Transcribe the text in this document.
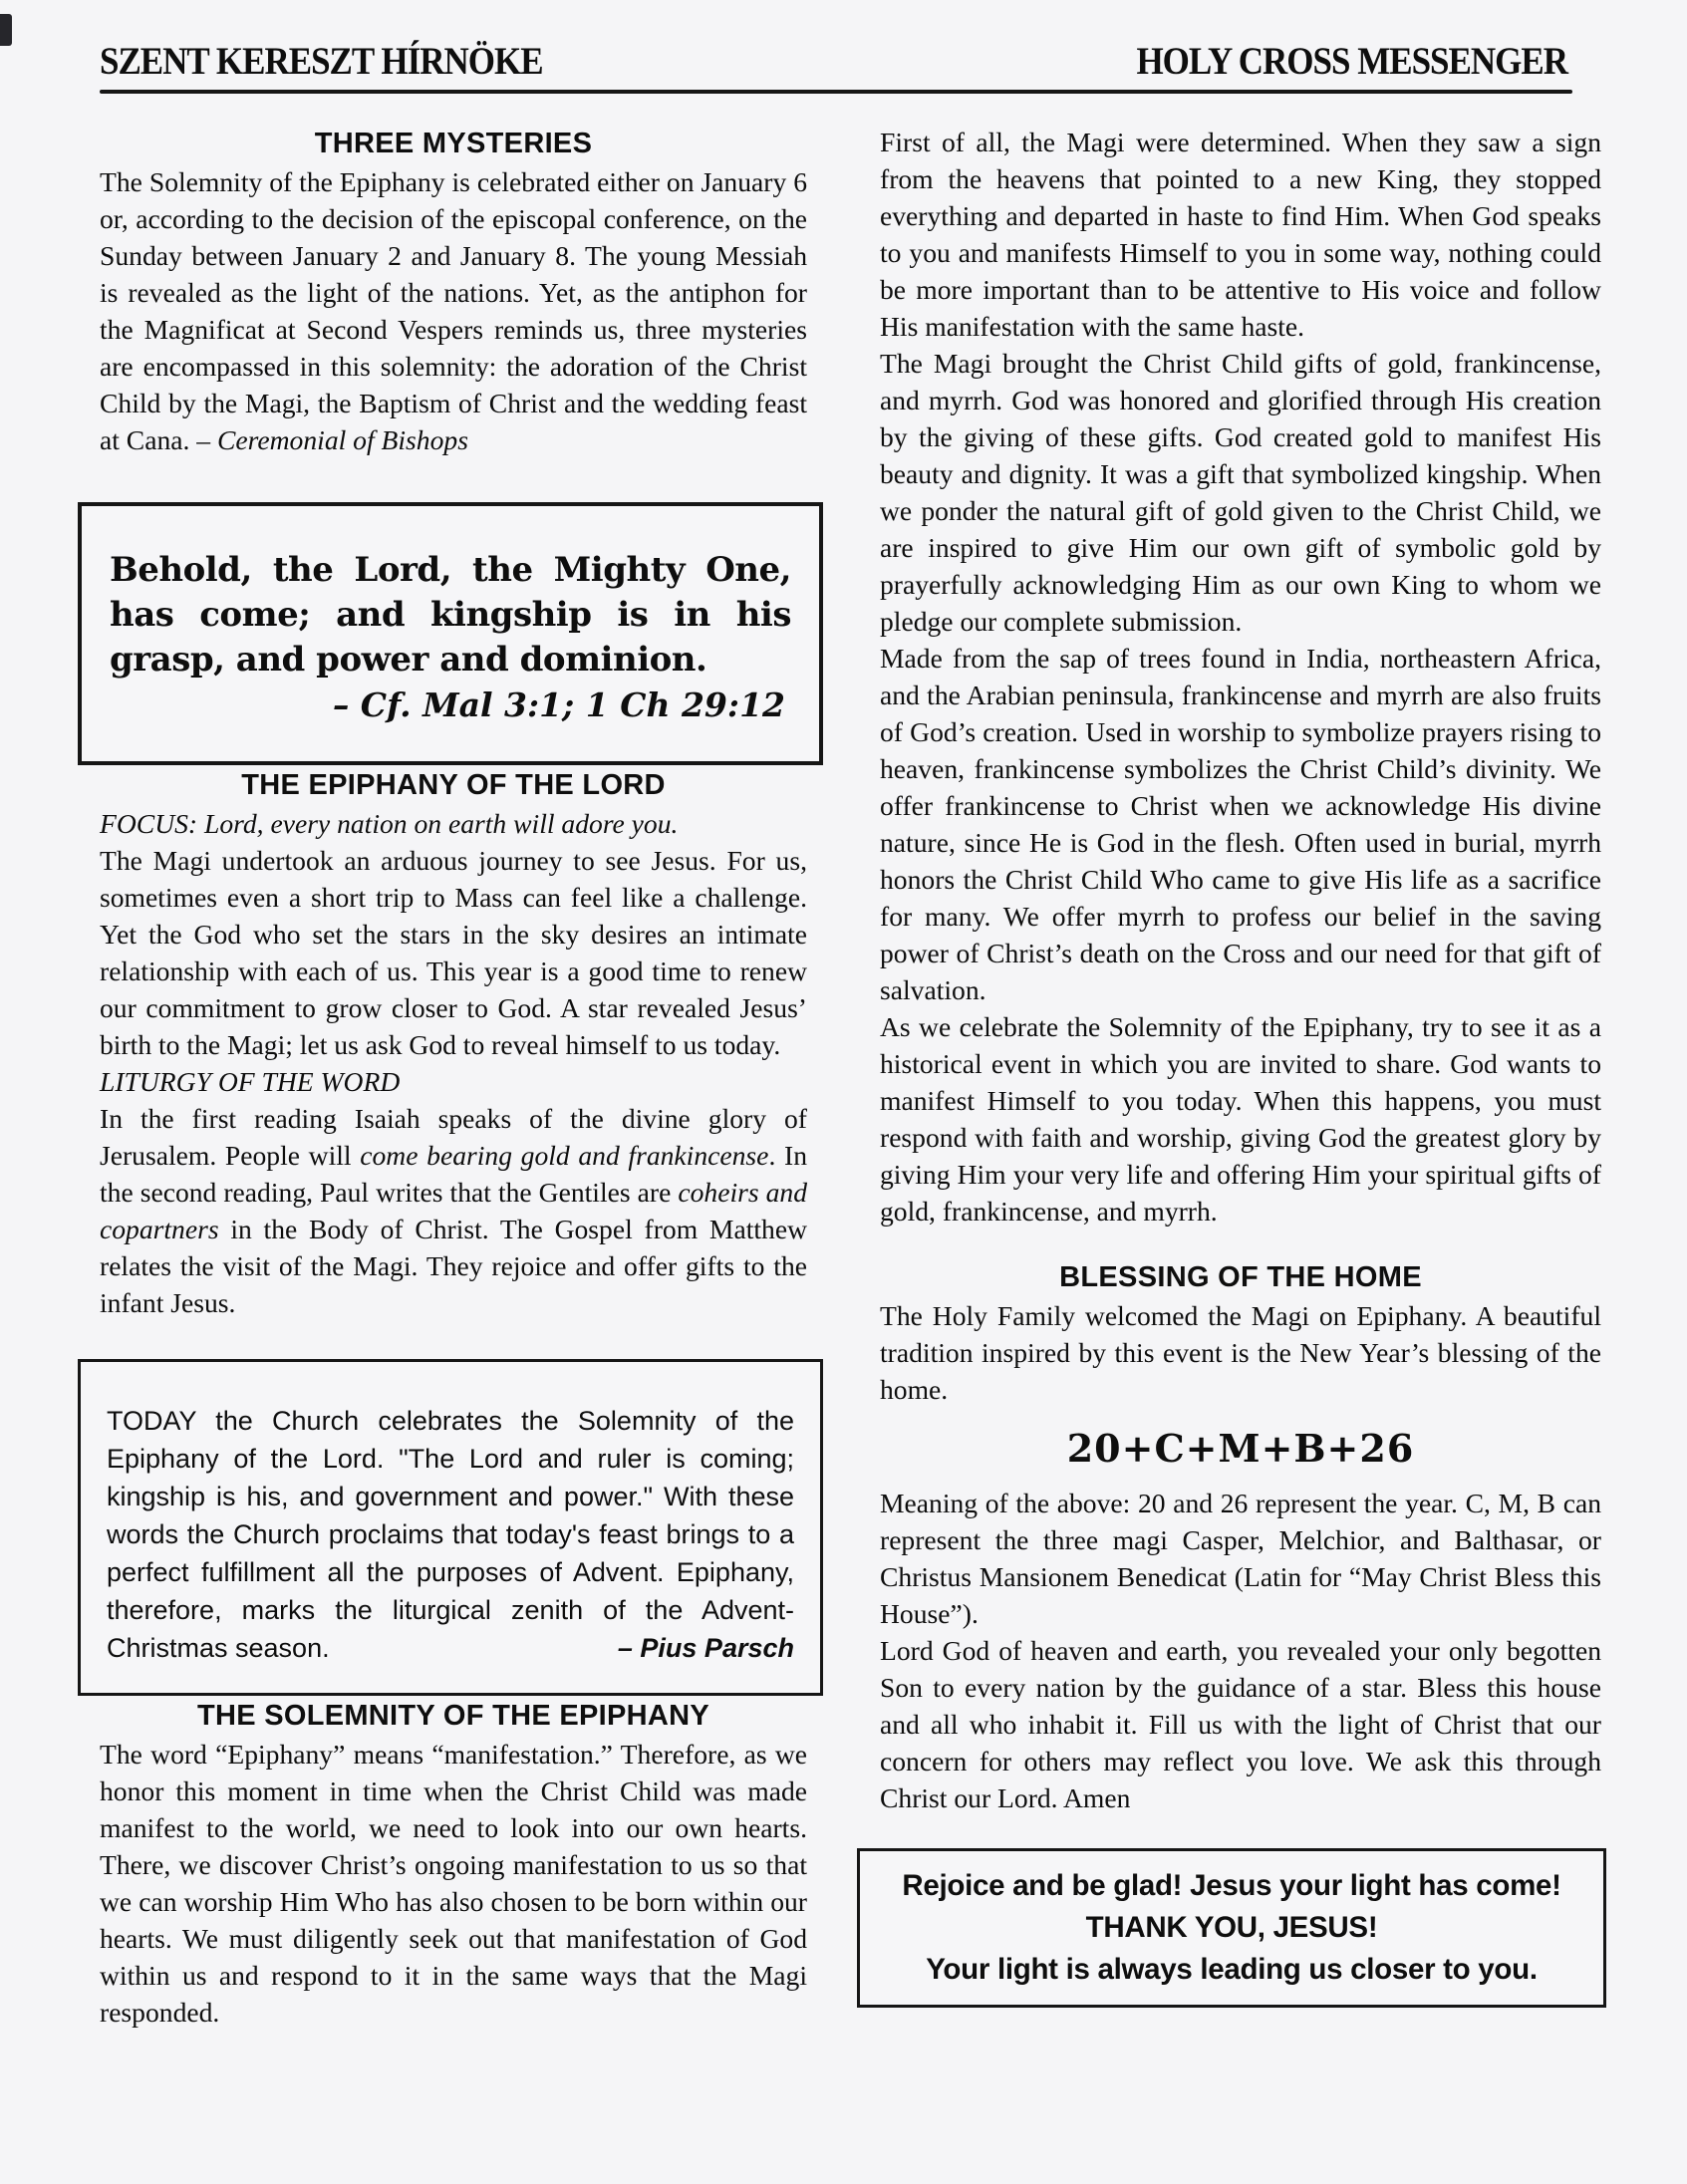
SZENT KERESZT HÍRNÖKE	HOLY CROSS MESSENGER
THREE MYSTERIES

The Solemnity of the Epiphany is celebrated either on January 6 or, according to the decision of the episcopal conference, on the Sunday between January 2 and January 8. The young Messiah is revealed as the light of the nations. Yet, as the antiphon for the Magnificat at Second Vespers reminds us, three mysteries are encompassed in this solemnity: the adoration of the Christ Child by the Magi, the Baptism of Christ and the wedding feast at Cana. – Ceremonial of Bishops

Behold, the Lord, the Mighty One, has come; and kingship is in his grasp, and power and dominion.

– Cf. Mal 3:1; 1 Ch 29:12

THE EPIPHANY OF THE LORD

FOCUS: Lord, every nation on earth will adore you.

The Magi undertook an arduous journey to see Jesus. For us, sometimes even a short trip to Mass can feel like a challenge. Yet the God who set the stars in the sky desires an intimate relationship with each of us. This year is a good time to renew our commitment to grow closer to God. A star revealed Jesus’ birth to the Magi; let us ask God to reveal himself to us today.

LITURGY OF THE WORD

In the first reading Isaiah speaks of the divine glory of Jerusalem. People will come bearing gold and frankincense. In the second reading, Paul writes that the Gentiles are coheirs and copartners in the Body of Christ. The Gospel from Matthew relates the visit of the Magi. They rejoice and offer gifts to the infant Jesus.

TODAY the Church celebrates the Solemnity of the Epiphany of the Lord. "The Lord and ruler is coming; kingship is his, and government and power." With these words the Church proclaims that today's feast brings to a perfect fulfillment all the purposes of Advent. Epiphany, therefore, marks the liturgical zenith of the Advent-Christmas season.	– Pius Parsch

THE SOLEMNITY OF THE EPIPHANY

The word “Epiphany” means “manifestation.” Therefore, as we honor this moment in time when the Christ Child was made manifest to the world, we need to look into our own hearts. There, we discover Christ’s ongoing manifestation to us so that we can worship Him Who has also chosen to be born within our hearts. We must diligently seek out that manifestation of God within us and respond to it in the same ways that the Magi responded.

First of all, the Magi were determined. When they saw a sign from the heavens that pointed to a new King, they stopped everything and departed in haste to find Him. When God speaks to you and manifests Himself to you in some way, nothing could be more important than to be attentive to His voice and follow His manifestation with the same haste.

The Magi brought the Christ Child gifts of gold, frankincense, and myrrh. God was honored and glorified through His creation by the giving of these gifts. God created gold to manifest His beauty and dignity. It was a gift that symbolized kingship. When we ponder the natural gift of gold given to the Christ Child, we are inspired to give Him our own gift of symbolic gold by prayerfully acknowledging Him as our own King to whom we pledge our complete submission.

Made from the sap of trees found in India, northeastern Africa, and the Arabian peninsula, frankincense and myrrh are also fruits of God’s creation. Used in worship to symbolize prayers rising to heaven, frankincense symbolizes the Christ Child’s divinity. We offer frankincense to Christ when we acknowledge His divine nature, since He is God in the flesh. Often used in burial, myrrh honors the Christ Child Who came to give His life as a sacrifice for many. We offer myrrh to profess our belief in the saving power of Christ’s death on the Cross and our need for that gift of salvation.

As we celebrate the Solemnity of the Epiphany, try to see it as a historical event in which you are invited to share. God wants to manifest Himself to you today. When this happens, you must respond with faith and worship, giving God the greatest glory by giving Him your very life and offering Him your spiritual gifts of gold, frankincense, and myrrh.

BLESSING OF THE HOME

The Holy Family welcomed the Magi on Epiphany. A beautiful tradition inspired by this event is the New Year’s blessing of the home.

20+C+M+B+26

Meaning of the above: 20 and 26 represent the year. C, M, B can represent the three magi Casper, Melchior, and Balthasar, or Christus Mansionem Benedicat (Latin for “May Christ Bless this House”).

Lord God of heaven and earth, you revealed your only begotten Son to every nation by the guidance of a star. Bless this house and all who inhabit it. Fill us with the light of Christ that our concern for others may reflect you love. We ask this through Christ our Lord. Amen

Rejoice and be glad! Jesus your light has come!

THANK YOU, JESUS!

Your light is always leading us closer to you.
